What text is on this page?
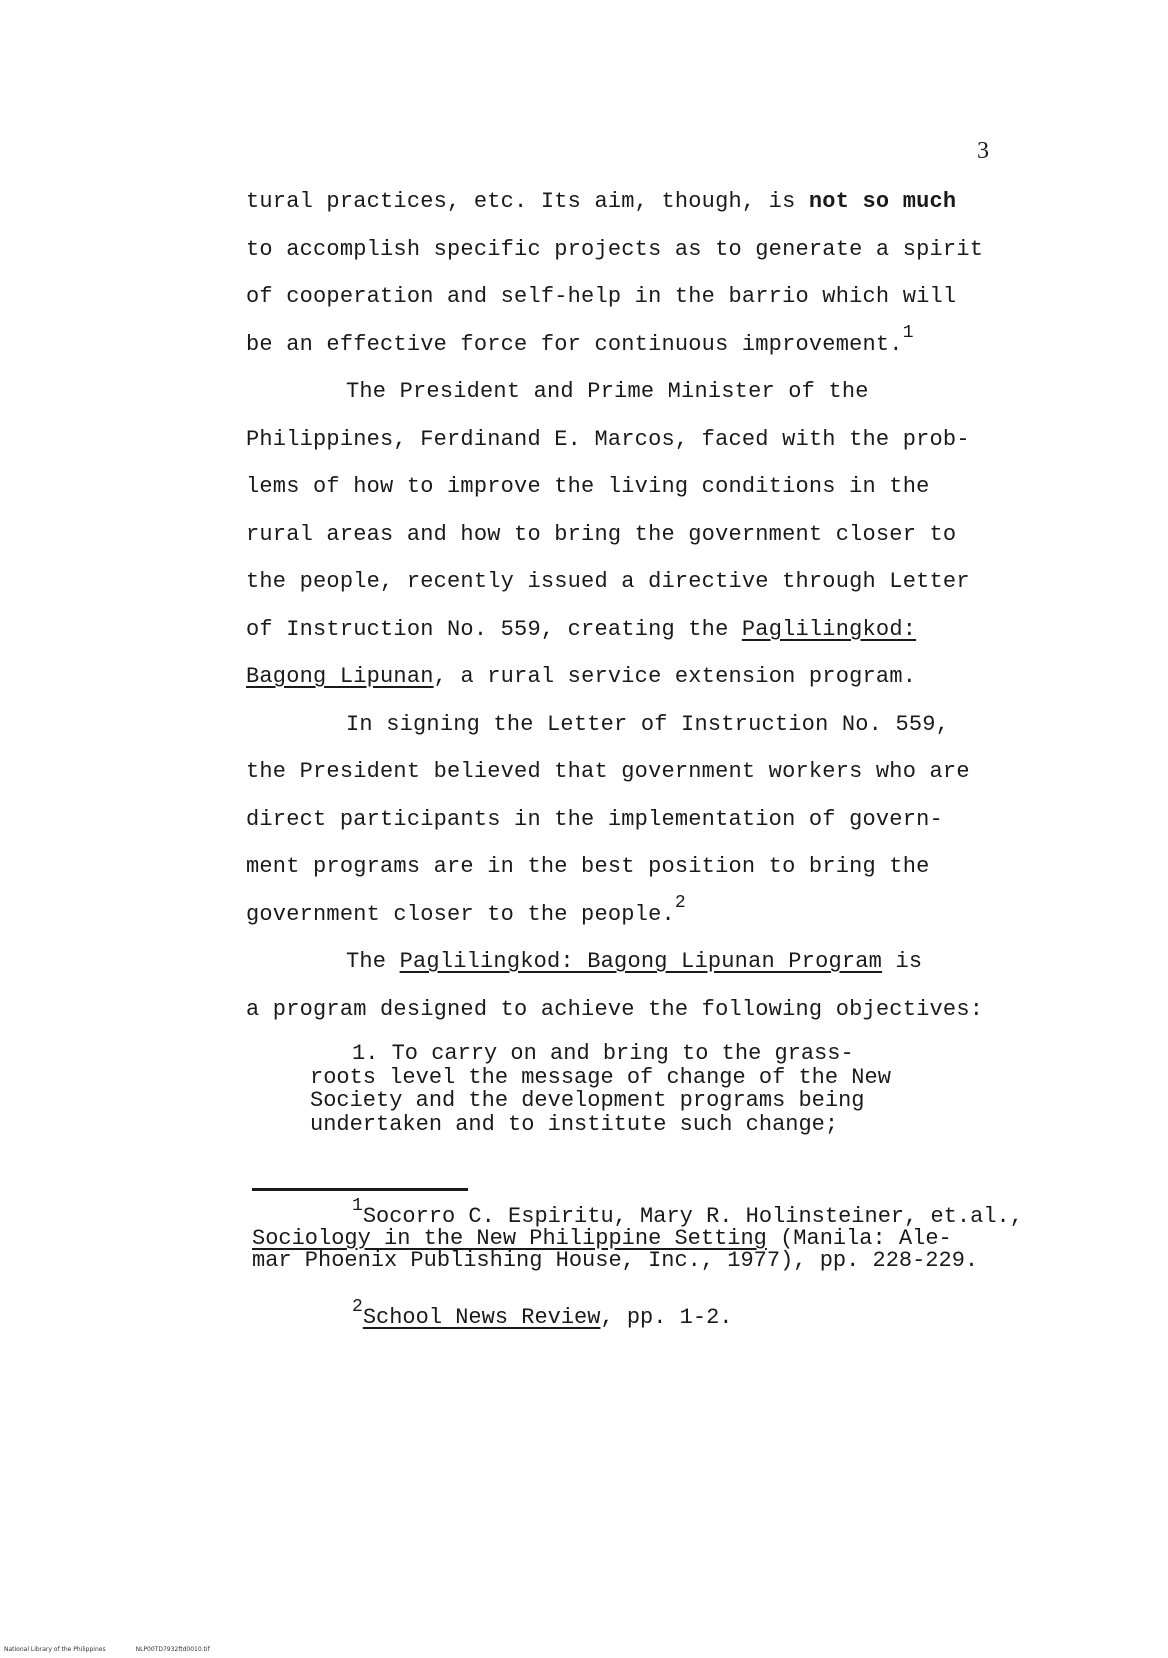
3
tural practices, etc. Its aim, though, is not so much
to accomplish specific projects as to generate a spirit
of cooperation and self-help in the barrio which will
be an effective force for continuous improvement.$^1$
The President and Prime Minister of the
Philippines, Ferdinand E. Marcos, faced with the prob-
lems of how to improve the living conditions in the
rural areas and how to bring the government closer to
the people, recently issued a directive through Letter
of Instruction No. 559, creating the Paglilingkod:
Bagong Lipunan, a rural service extension program.
In signing the Letter of Instruction No. 559,
the President believed that government workers who are
direct participants in the implementation of govern-
ment programs are in the best position to bring the
government closer to the people.$^2$
The Paglilingkod: Bagong Lipunan Program is
a program designed to achieve the following objectives:
1. To carry on and bring to the grass-
roots level the message of change of the New
Society and the development programs being
undertaken and to institute such change;
$^1$Socorro C. Espiritu, Mary R. Holinsteiner, et.al.,
Sociology in the New Philippine Setting (Manila: Ale-
mar Phoenix Publishing House, Inc., 1977), pp. 228-229.
$^2$School News Review, pp. 1-2.
National Library of the Philippines	NLP00TD7932ftd0010.tif
